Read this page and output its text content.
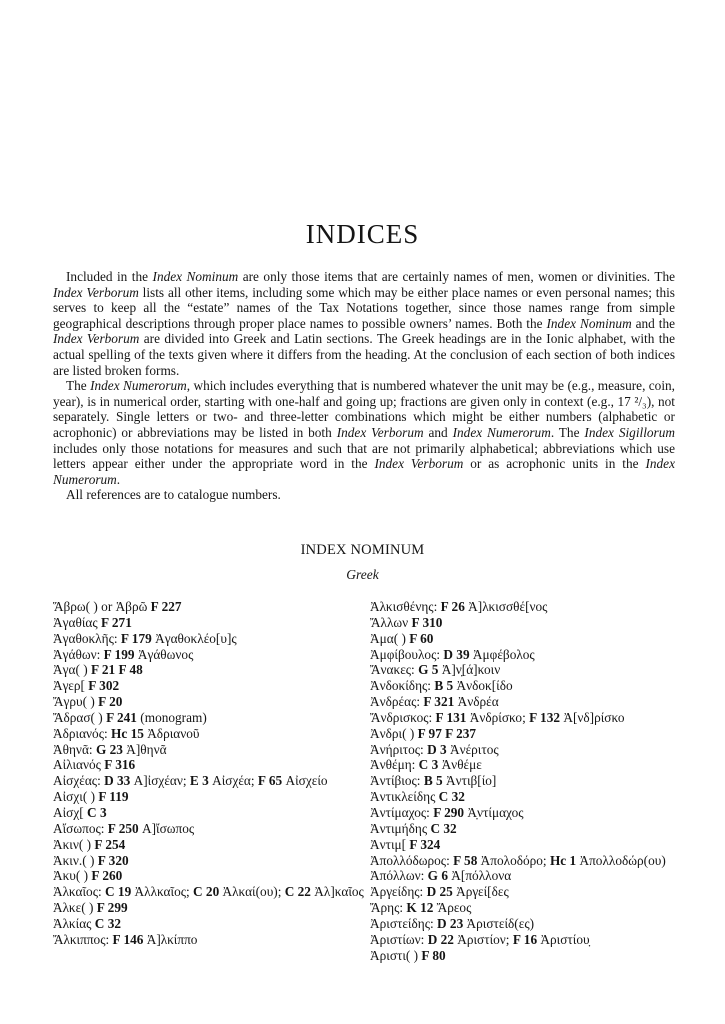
INDICES

Included in the Index Nominum are only those items that are certainly names of men, women or divinities. The Index Verborum lists all other items, including some which may be either place names or even personal names; this serves to keep all the “estate” names of the Tax Notations together, since those names range from simple geographical descriptions through proper place names to possible owners’ names. Both the Index Nominum and the Index Verborum are divided into Greek and Latin sections. The Greek headings are in the Ionic alphabet, with the actual spelling of the texts given where it differs from the heading. At the conclusion of each section of both indices are listed broken forms.

The Index Numerorum, which includes everything that is numbered whatever the unit may be (e.g., measure, coin, year), is in numerical order, starting with one-half and going up; fractions are given only in context (e.g., 17 ²/₃), not separately. Single letters or two- and three-letter combinations which might be either numbers (alphabetic or acrophonic) or abbreviations may be listed in both Index Verborum and Index Numerorum. The Index Sigillorum includes only those notations for measures and such that are not primarily alphabetical; abbreviations which use letters appear either under the appropriate word in the Index Verborum or as acrophonic units in the Index Numerorum.

All references are to catalogue numbers.

INDEX NOMINUM
Greek
Ἅβρω( ) or Ἁβρῶ F 227
Ἀγαθίας F 271
Ἀγαθοκλῆς: F 179 Ἀγαθοκλέο[υ]ς
Ἀγάθων: F 199 Ἀγάθωνος
Ἀγα( ) F 21 F 48
Ἀγερ[ F 302
Ἄγρυ( ) F 20
Ἄδρασ( ) F 241 (monogram)
Ἀδριανός: Hc 15 Ἀδριανοῦ
Ἀθηνᾶ: G 23 Ἀ]θηνᾶ
Αἰλιανός F 316
Αἰσχέας: D 33 Α]ἰσχέαν; E 3 Αἰσχέα; F 65 Αἰσχείο
Αἰσχι( ) F 119
Αἰσχ[ C 3
Αἴσωπος: F 250 Α]ἴσωπος
Ἀκιν( ) F 254
Ἀκιν.( ) F 320
Ἀκυ( ) F 260
Ἀλκαῖος: C 19 Ἀλλκαῖος; C 20 Ἀλκαί(ου); C 22 Ἀλ]καῖος
Ἀλκε( ) F 299
Ἀλκίας C 32
Ἄλκιππος: F 146 Ἀ]λκίππο
Ἀλκισθένης: F 26 Ἀ]λκισσθέ[νος
Ἄλλων F 310
Ἀμα( ) F 60
Ἀμφίβουλος: D 39 Ἀμφέβολος
Ἄνακες: G 5 Ἀ]ν̣[ά]κοιν
Ἀνδοκίδης: B 5 Ἀνδοκ[ίδο
Ἀνδρέας: F 321 Ἀνδρέα
Ἄνδρισκος: F 131 Ἀνδρίσκο; F 132 Ἀ[νδ]ρίσκο
Ἀνδρι( ) F 97 F 237
Ἀνήριτος: D 3 Ἀνέριτος
Ἀνθέμη: C 3 Ἀνθέμε
Ἀντίβιος: B 5 Ἀντιβ[ίο]
Ἀντικλείδης C 32
Ἀντίμαχος: F 290 Ἀ̣ντίμαχος
Ἀντιμήδης C 32
Ἀντιμ[ F 324
Ἀπολλόδωρος: F 58 Ἀπολοδόρο; Hc 1 Ἀπολλοδώρ(ου)
Ἀπόλλων: G 6 Ἀ[πόλλονα
Ἀργείδης: D 25 Ἀργεί[δες
Ἄρης: K 12 Ἄρεος
Ἀριστείδης: D 23 Ἀριστείδ(ες)
Ἀριστίων: D 22 Ἀριστίον; F 16 Ἀριστίου̣
Ἀριστι( ) F 80
